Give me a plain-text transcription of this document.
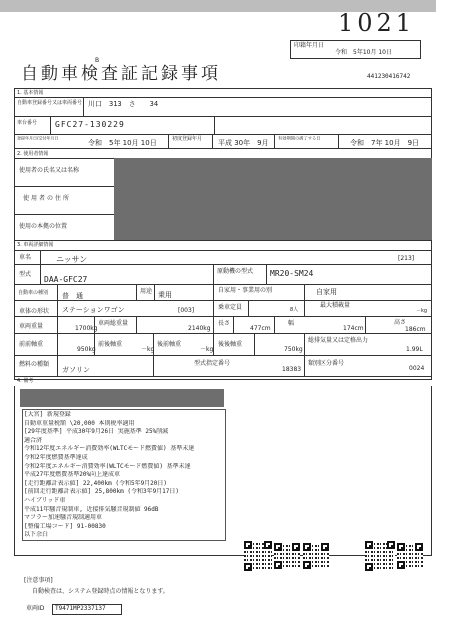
1021
印籍年月日
令和　5年10月 10日
B
自動車検査証記録事項	441230416742
1. 基本情報
自動車登録番号又は車両番号 川口　313　さ　　34
車台番号 GFC27-130229
登録年月日/交付年月日
令和　5年 10月 10日	初度登録年月 平成 30年　9月
有効期間の満了する日
令和　7年 10月　9日
2. 使用者情報
使用者の氏名又は名称
使用者の住所
使用の本拠の位置
3. 車両詳細情報
車名	ニッサン	[213]
型式
DAA-GFC27
原動機の型式 MR20-SM24
自動車の種別 普　通
用途 乗用
自家用・事業用の別	自家用
車体の形状 ステーションワゴン	[003]	乗車定員	8人
最大積載量
－kg
車両重量	1700kg
車両総重量
2140kg
長さ
477cm
幅
174cm
高さ
186cm
前前軸重
950kg
前後軸重
－kg
後前軸重
－kg
後後軸重
750kg
総排気量又は定格出力
1.99L
燃料の種類
ガソリン
型式指定番号
18383
類別区分番号
0024
4. 備考
[大宮] 新規登録
自動車重量税額 \20,000 本則税率適用
[29年度基準] 平成30年9月26日 実施基準 25%削減
適合済
令和12年度エネルギー消費効率(WLTCモード燃費値) 基準未達
令和2年度燃費基準達成
令和2年度エネルギー消費効率(WLTCモード燃費値) 基準未達
平成27年度燃費基準20%向上達成車
[走行距離計表示値] 22,400km (令和5年9月20日)
[前回走行距離計表示値] 25,800km (令和3年9月17日)
ハイブリッド車
平成11年騒音規制車, 近接排気騒音規制値 96dB
マフラー加速騒音規制適用車
[整備工場コード] 91-00830
以下余白
[注意事項]
自動検査は、システム登録時点の情報となります。
車両ID T9471MP2337137
